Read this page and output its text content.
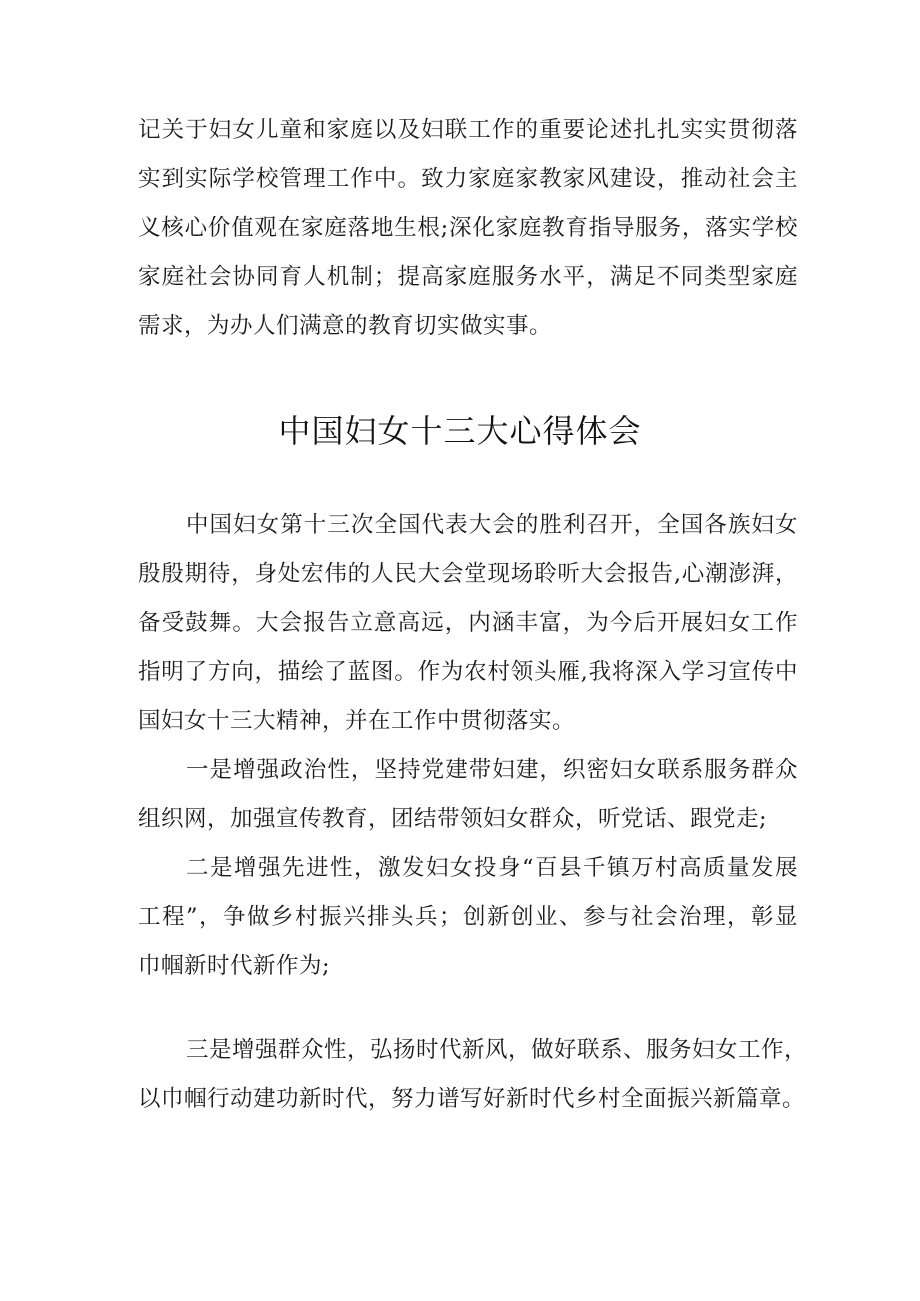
记关于妇女儿童和家庭以及妇联工作的重要论述扎扎实实贯彻落
实到实际学校管理工作中。致力家庭家教家风建设，推动社会主
义核心价值观在家庭落地生根;深化家庭教育指导服务，落实学校
家庭社会协同育人机制；提高家庭服务水平，满足不同类型家庭
需求，为办人们满意的教育切实做实事。
中国妇女十三大心得体会
中国妇女第十三次全国代表大会的胜利召开，全国各族妇女
殷殷期待，身处宏伟的人民大会堂现场聆听大会报告,心潮澎湃，
备受鼓舞。大会报告立意高远，内涵丰富，为今后开展妇女工作
指明了方向，描绘了蓝图。作为农村领头雁,我将深入学习宣传中
国妇女十三大精神，并在工作中贯彻落实。
一是增强政治性，坚持党建带妇建，织密妇女联系服务群众
组织网，加强宣传教育，团结带领妇女群众，听党话、跟党走;
二是增强先进性，激发妇女投身“百县千镇万村高质量发展
工程”，争做乡村振兴排头兵；创新创业、参与社会治理，彰显
巾帼新时代新作为;
三是增强群众性，弘扬时代新风，做好联系、服务妇女工作，
以巾帼行动建功新时代，努力谱写好新时代乡村全面振兴新篇章。
